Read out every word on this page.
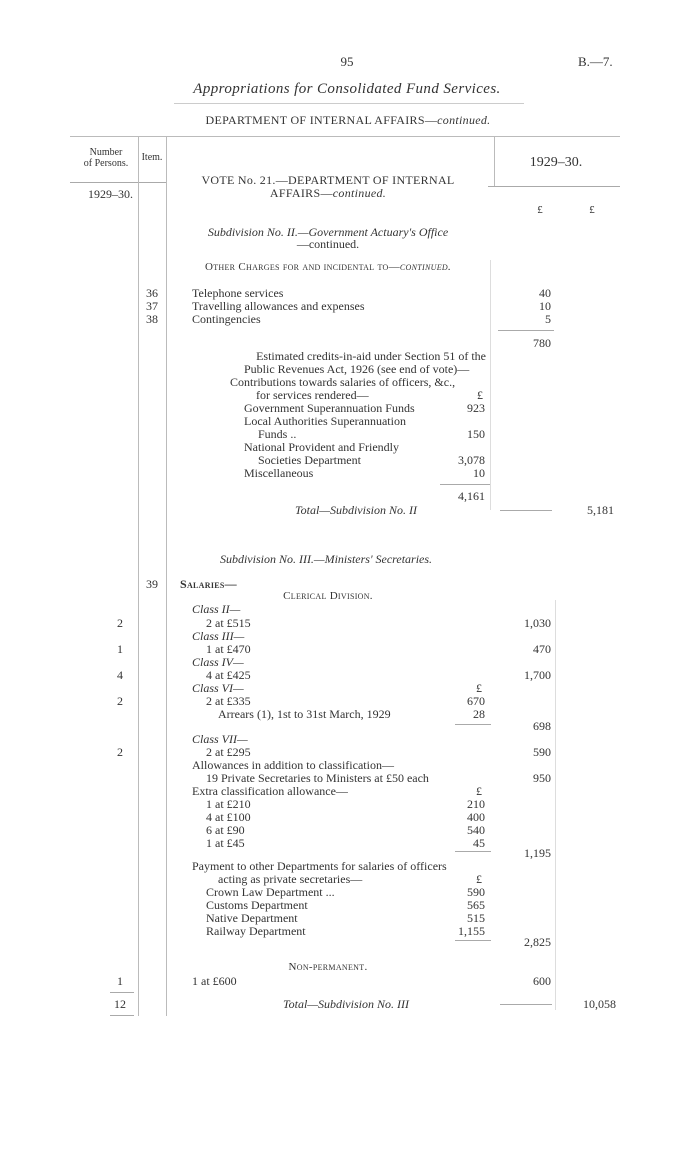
95	B.—7.
Appropriations for Consolidated Fund Services.
DEPARTMENT OF INTERNAL AFFAIRS—continued.
Number
of Persons.
Item.
1929–30.
1929–30.
£	£
VOTE No. 21.—DEPARTMENT OF INTERNAL
AFFAIRS—continued.
Subdivision No. II.—Government Actuary's Office
—continued.
Other Charges for and incidental to—continued.
36	Telephone services	40
37	Travelling allowances and expenses	10
38	Contingencies	5
780
Estimated credits-in-aid under Section 51 of the
Public Revenues Act, 1926 (see end of vote)—
Contributions towards salaries of officers, &c.,
for services rendered—	£
Government Superannuation Funds	923
Local Authorities Superannuation
Funds ..	150
National Provident and Friendly
Societies Department	3,078
Miscellaneous	10
4,161
Total—Subdivision No. II	5,181
Subdivision No. III.—Ministers' Secretaries.
39 Salaries—
Clerical Division.
Class II—
2	2 at £515	1,030
Class III—
1	1 at £470	470
Class IV—
4	4 at £425	1,700
Class VI—	£
2	2 at £335	670
Arrears (1), 1st to 31st March, 1929	28
698
Class VII—
2	2 at £295	590
Allowances in addition to classification—
19 Private Secretaries to Ministers at £50 each	950
Extra classification allowance—	£
1 at £210	210
4 at £100	400
6 at £90	540
1 at £45	45
1,195
Payment to other Departments for salaries of officers
acting as private secretaries—	£
Crown Law Department ...	590
Customs Department	565
Native Department	515
Railway Department	1,155
2,825
Non-permanent.
1	1 at £600	600
12	Total—Subdivision No. III	10,058
